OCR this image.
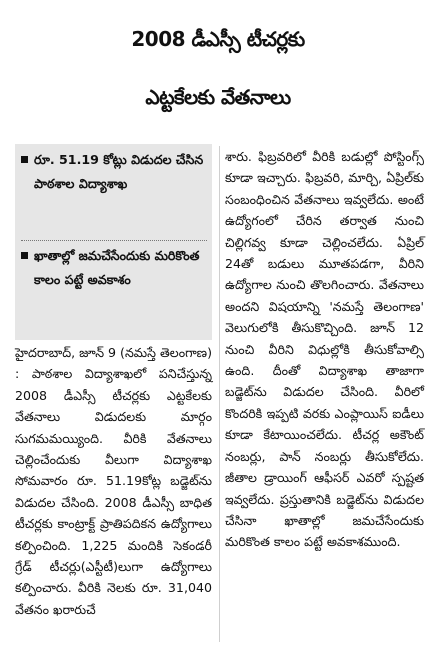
2008 డీఎస్సీ టీచర్లకు
ఎట్టకేలకు వేతనాలు
రూ. 51.19 కోట్లు విడుదల చేసిన పాఠశాల విద్యాశాఖ
ఖాతాల్లో జమచేసేందుకు మరికొంత కాలం పట్టే అవకాశం

హైదరాబాద్, జూన్ 9 (నమస్తే తెలంగాణ) : పాఠశాల విద్యాశాఖలో పనిచేస్తున్న 2008 డీఎస్సీ టీచర్లకు ఎట్టకేలకు వేతనాలు విడుదలకు మార్గం సుగమమయ్యింది. వీరికి వేతనాలు చెల్లించేందుకు వీలుగా విద్యాశాఖ సోమవారం రూ. 51.19కోట్ల బడ్జెట్‌ను విడుదల చేసింది. 2008 డీఎస్సీ బాధిత టీచర్లకు కాంట్రాక్ట్ ప్రాతిపదికన ఉద్యోగాలు కల్పించింది. 1,225 మందికి సెకండరీ గ్రేడ్ టీచర్లు(ఎస్టీటీ)లుగా ఉద్యోగాలు కల్పించారు. వీరికి నెలకు రూ. 31,040 వేతనం ఖరారుచే

శారు. ఫిబ్రవరిలో వీరికి బడుల్లో పోస్టింగ్స్ కూడా ఇచ్చారు. ఫిబ్రవరి, మార్చి, ఏప్రిల్‌కు సంబంధించిన వేతనాలు ఇవ్వలేదు. అంటే ఉద్యోగంలో చేరిన తర్వాత నుంచి చిల్లిగవ్వ కూడా చెల్లించలేదు. ఏప్రిల్ 24తో బడులు మూతపడగా, వీరిని ఉద్యోగాల నుంచి తొలగించారు. వేతనాలు అందని విషయాన్ని 'నమస్తే తెలంగాణ' వెలుగులోకి తీసుకొచ్చింది. జూన్ 12 నుంచి వీరిని విధుల్లోకి తీసుకోవాల్సి ఉంది. దీంతో విద్యాశాఖ తాజాగా బడ్జెట్‌ను విడుదల చేసింది. వీరిలో కొందరికి ఇప్పటి వరకు ఎంప్లాయిస్ ఐడీలు కూడా కేటాయించలేదు. టీచర్ల అకౌంట్ నంబర్లు, పాన్ నంబర్లు తీసుకోలేదు. జీతాల డ్రాయింగ్ ఆఫీసర్ ఎవరో స్పష్టత ఇవ్వలేదు. ప్రస్తుతానికి బడ్జెట్‌ను విడుదల చేసినా ఖాతాల్లో జమచేసేందుకు మరికొంత కాలం పట్టే అవకాశముంది.
